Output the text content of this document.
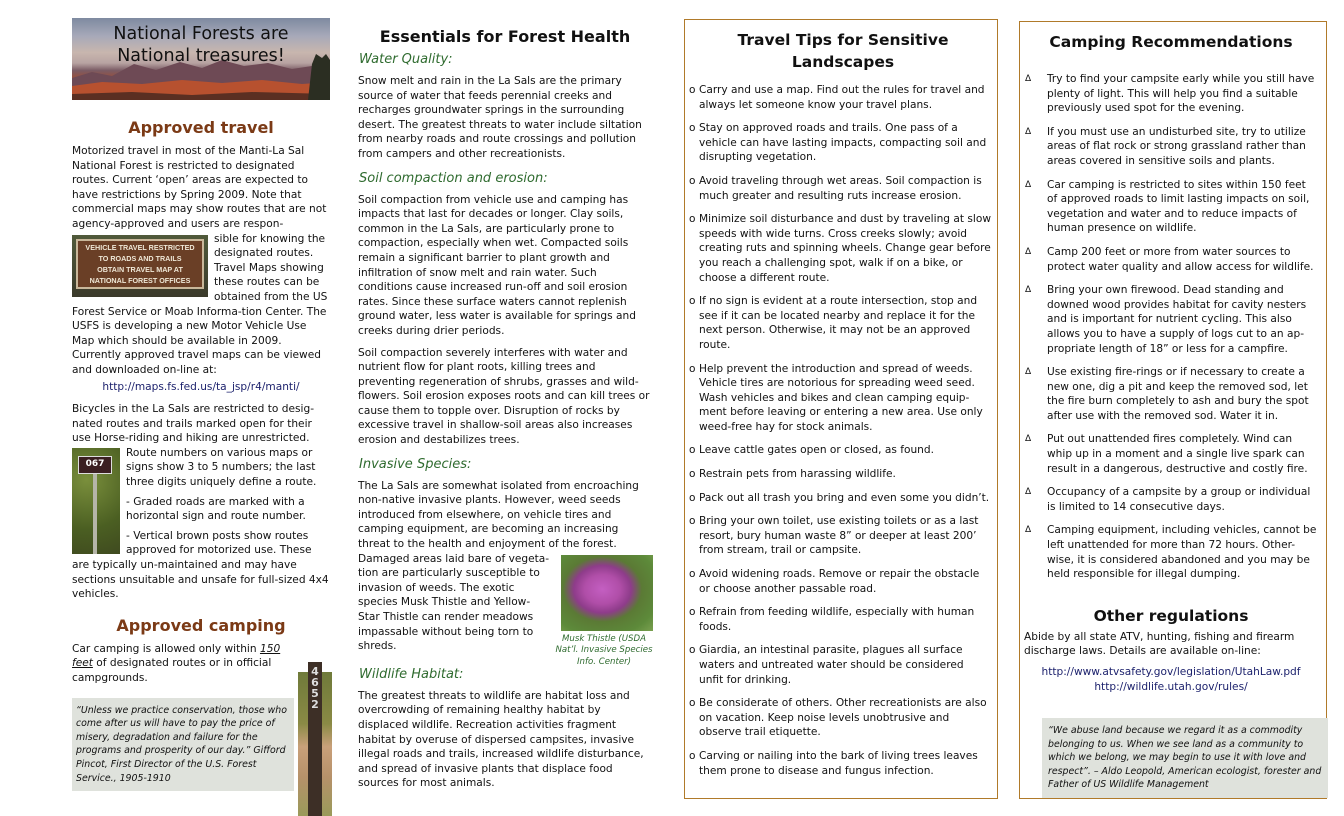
National Forests are
National treasures!
Approved travel

Motorized travel in most of the Manti-La Sal National Forest is restricted to designated routes. Current ‘open’ areas are expected to have restrictions by Spring 2009. Note that commercial maps may show routes that are not agency-approved and users are respon-

VEHICLE TRAVEL RESTRICTED
TO ROADS AND TRAILS
OBTAIN TRAVEL MAP AT
NATIONAL FOREST OFFICES

sible for knowing the designated routes. Travel Maps showing these routes can be obtained from the US Forest Service or Moab Informa-tion Center. The USFS is developing a new Motor Vehicle Use Map which should be available in 2009. Currently approved travel maps can be viewed and downloaded on-line at:

http://maps.fs.fed.us/ta_jsp/r4/manti/

Bicycles in the La Sals are restricted to desig-nated routes and trails marked open for their use Horse-riding and hiking are unrestricted.

067

Route numbers on various maps or signs show 3 to 5 numbers; the last three digits uniquely define a route.

- Graded roads are marked with a horizontal sign and route number.

- Vertical brown posts show routes approved for motorized use. These are typically un-maintained and may have sections unsuitable and unsafe for full-sized 4x4 vehicles.

Approved camping

Car camping is allowed only within 150 feet of designated routes or in official campgrounds.

“Unless we practice conservation, those who come after us will have to pay the price of misery, degradation and failure for the programs and prosperity of our day.” Gifford Pincot, First Director of the U.S. Forest Service., 1905-1910
4652
Essentials for Forest Health
Water Quality:

Snow melt and rain in the La Sals are the primary source of water that feeds perennial creeks and recharges groundwater springs in the surrounding desert. The greatest threats to water include siltation from nearby roads and route crossings and pollution from campers and other recreationists.

Soil compaction and erosion:

Soil compaction from vehicle use and camping has impacts that last for decades or longer. Clay soils, common in the La Sals, are particularly prone to compaction, especially when wet. Compacted soils remain a significant barrier to plant growth and infiltration of snow melt and rain water. Such conditions cause increased run-off and soil erosion rates. Since these surface waters cannot replenish ground water, less water is available for springs and creeks during drier periods.

Soil compaction severely interferes with water and nutrient flow for plant roots, killing trees and preventing regeneration of shrubs, grasses and wild-flowers. Soil erosion exposes roots and can kill trees or cause them to topple over. Disruption of rocks by excessive travel in shallow-soil areas also increases erosion and destabilizes trees.

Invasive Species:

The La Sals are somewhat isolated from encroaching non-native invasive plants. However, weed seeds introduced from elsewhere, on vehicle tires and camping equipment, are becoming an increasing threat to the health and enjoyment of the forest.

Musk Thistle (USDA Nat’l. Invasive Species Info. Center)

Damaged areas laid bare of vegeta-tion are particularly susceptible to invasion of weeds. The exotic species Musk Thistle and Yellow-Star Thistle can render meadows impassable without being torn to shreds.

Wildlife Habitat:

The greatest threats to wildlife are habitat loss and overcrowding of remaining healthy habitat by displaced wildlife. Recreation activities fragment habitat by overuse of dispersed campsites, invasive illegal roads and trails, increased wildlife disturbance, and spread of invasive plants that displace food sources for most animals.

Travel Tips for Sensitive Landscapes
o Carry and use a map. Find out the rules for travel and always let someone know your travel plans.
o Stay on approved roads and trails. One pass of a vehicle can have lasting impacts, compacting soil and disrupting vegetation.
o Avoid traveling through wet areas. Soil compaction is much greater and resulting ruts increase erosion.
o Minimize soil disturbance and dust by traveling at slow speeds with wide turns. Cross creeks slowly; avoid creating ruts and spinning wheels. Change gear before you reach a challenging spot, walk if on a bike, or choose a different route.
o If no sign is evident at a route intersection, stop and see if it can be located nearby and replace it for the next person. Otherwise, it may not be an approved route.
o Help prevent the introduction and spread of weeds. Vehicle tires are notorious for spreading weed seed. Wash vehicles and bikes and clean camping equip-ment before leaving or entering a new area. Use only weed-free hay for stock animals.
o Leave cattle gates open or closed, as found.
o Restrain pets from harassing wildlife.
o Pack out all trash you bring and even some you didn’t.
o Bring your own toilet, use existing toilets or as a last resort, bury human waste 8” or deeper at least 200’ from stream, trail or campsite.
o Avoid widening roads. Remove or repair the obstacle or choose another passable road.
o Refrain from feeding wildlife, especially with human foods.
o Giardia, an intestinal parasite, plagues all surface waters and untreated water should be considered unfit for drinking.
o Be considerate of others. Other recreationists are also on vacation. Keep noise levels unobtrusive and observe trail etiquette.
o Carving or nailing into the bark of living trees leaves them prone to disease and fungus infection.
Camping Recommendations
Δ	Try to find your campsite early while you still have plenty of light. This will help you find a suitable previously used spot for the evening.
Δ	If you must use an undisturbed site, try to utilize areas of flat rock or strong grassland rather than areas covered in sensitive soils and plants.
Δ	Car camping is restricted to sites within 150 feet of approved roads to limit lasting impacts on soil, vegetation and water and to reduce impacts of human presence on wildlife.
Δ	Camp 200 feet or more from water sources to protect water quality and allow access for wildlife.
Δ	Bring your own firewood. Dead standing and downed wood provides habitat for cavity nesters and is important for nutrient cycling. This also allows you to have a supply of logs cut to an ap-propriate length of 18” or less for a campfire.
Δ	Use existing fire-rings or if necessary to create a new one, dig a pit and keep the removed sod, let the fire burn completely to ash and bury the spot after use with the removed sod. Water it in.
Δ	Put out unattended fires completely. Wind can whip up in a moment and a single live spark can result in a dangerous, destructive and costly fire.
Δ	Occupancy of a campsite by a group or individual is limited to 14 consecutive days.
Δ	Camping equipment, including vehicles, cannot be left unattended for more than 72 hours. Other-wise, it is considered abandoned and you may be held responsible for illegal dumping.
Other regulations

Abide by all state ATV, hunting, fishing and firearm discharge laws. Details are available on-line:

http://www.atvsafety.gov/legislation/UtahLaw.pdf

http://wildlife.utah.gov/rules/

“We abuse land because we regard it as a commodity belonging to us. When we see land as a community to which we belong, we may begin to use it with love and respect”. – Aldo Leopold, American ecologist, forester and Father of US Wildlife Management
